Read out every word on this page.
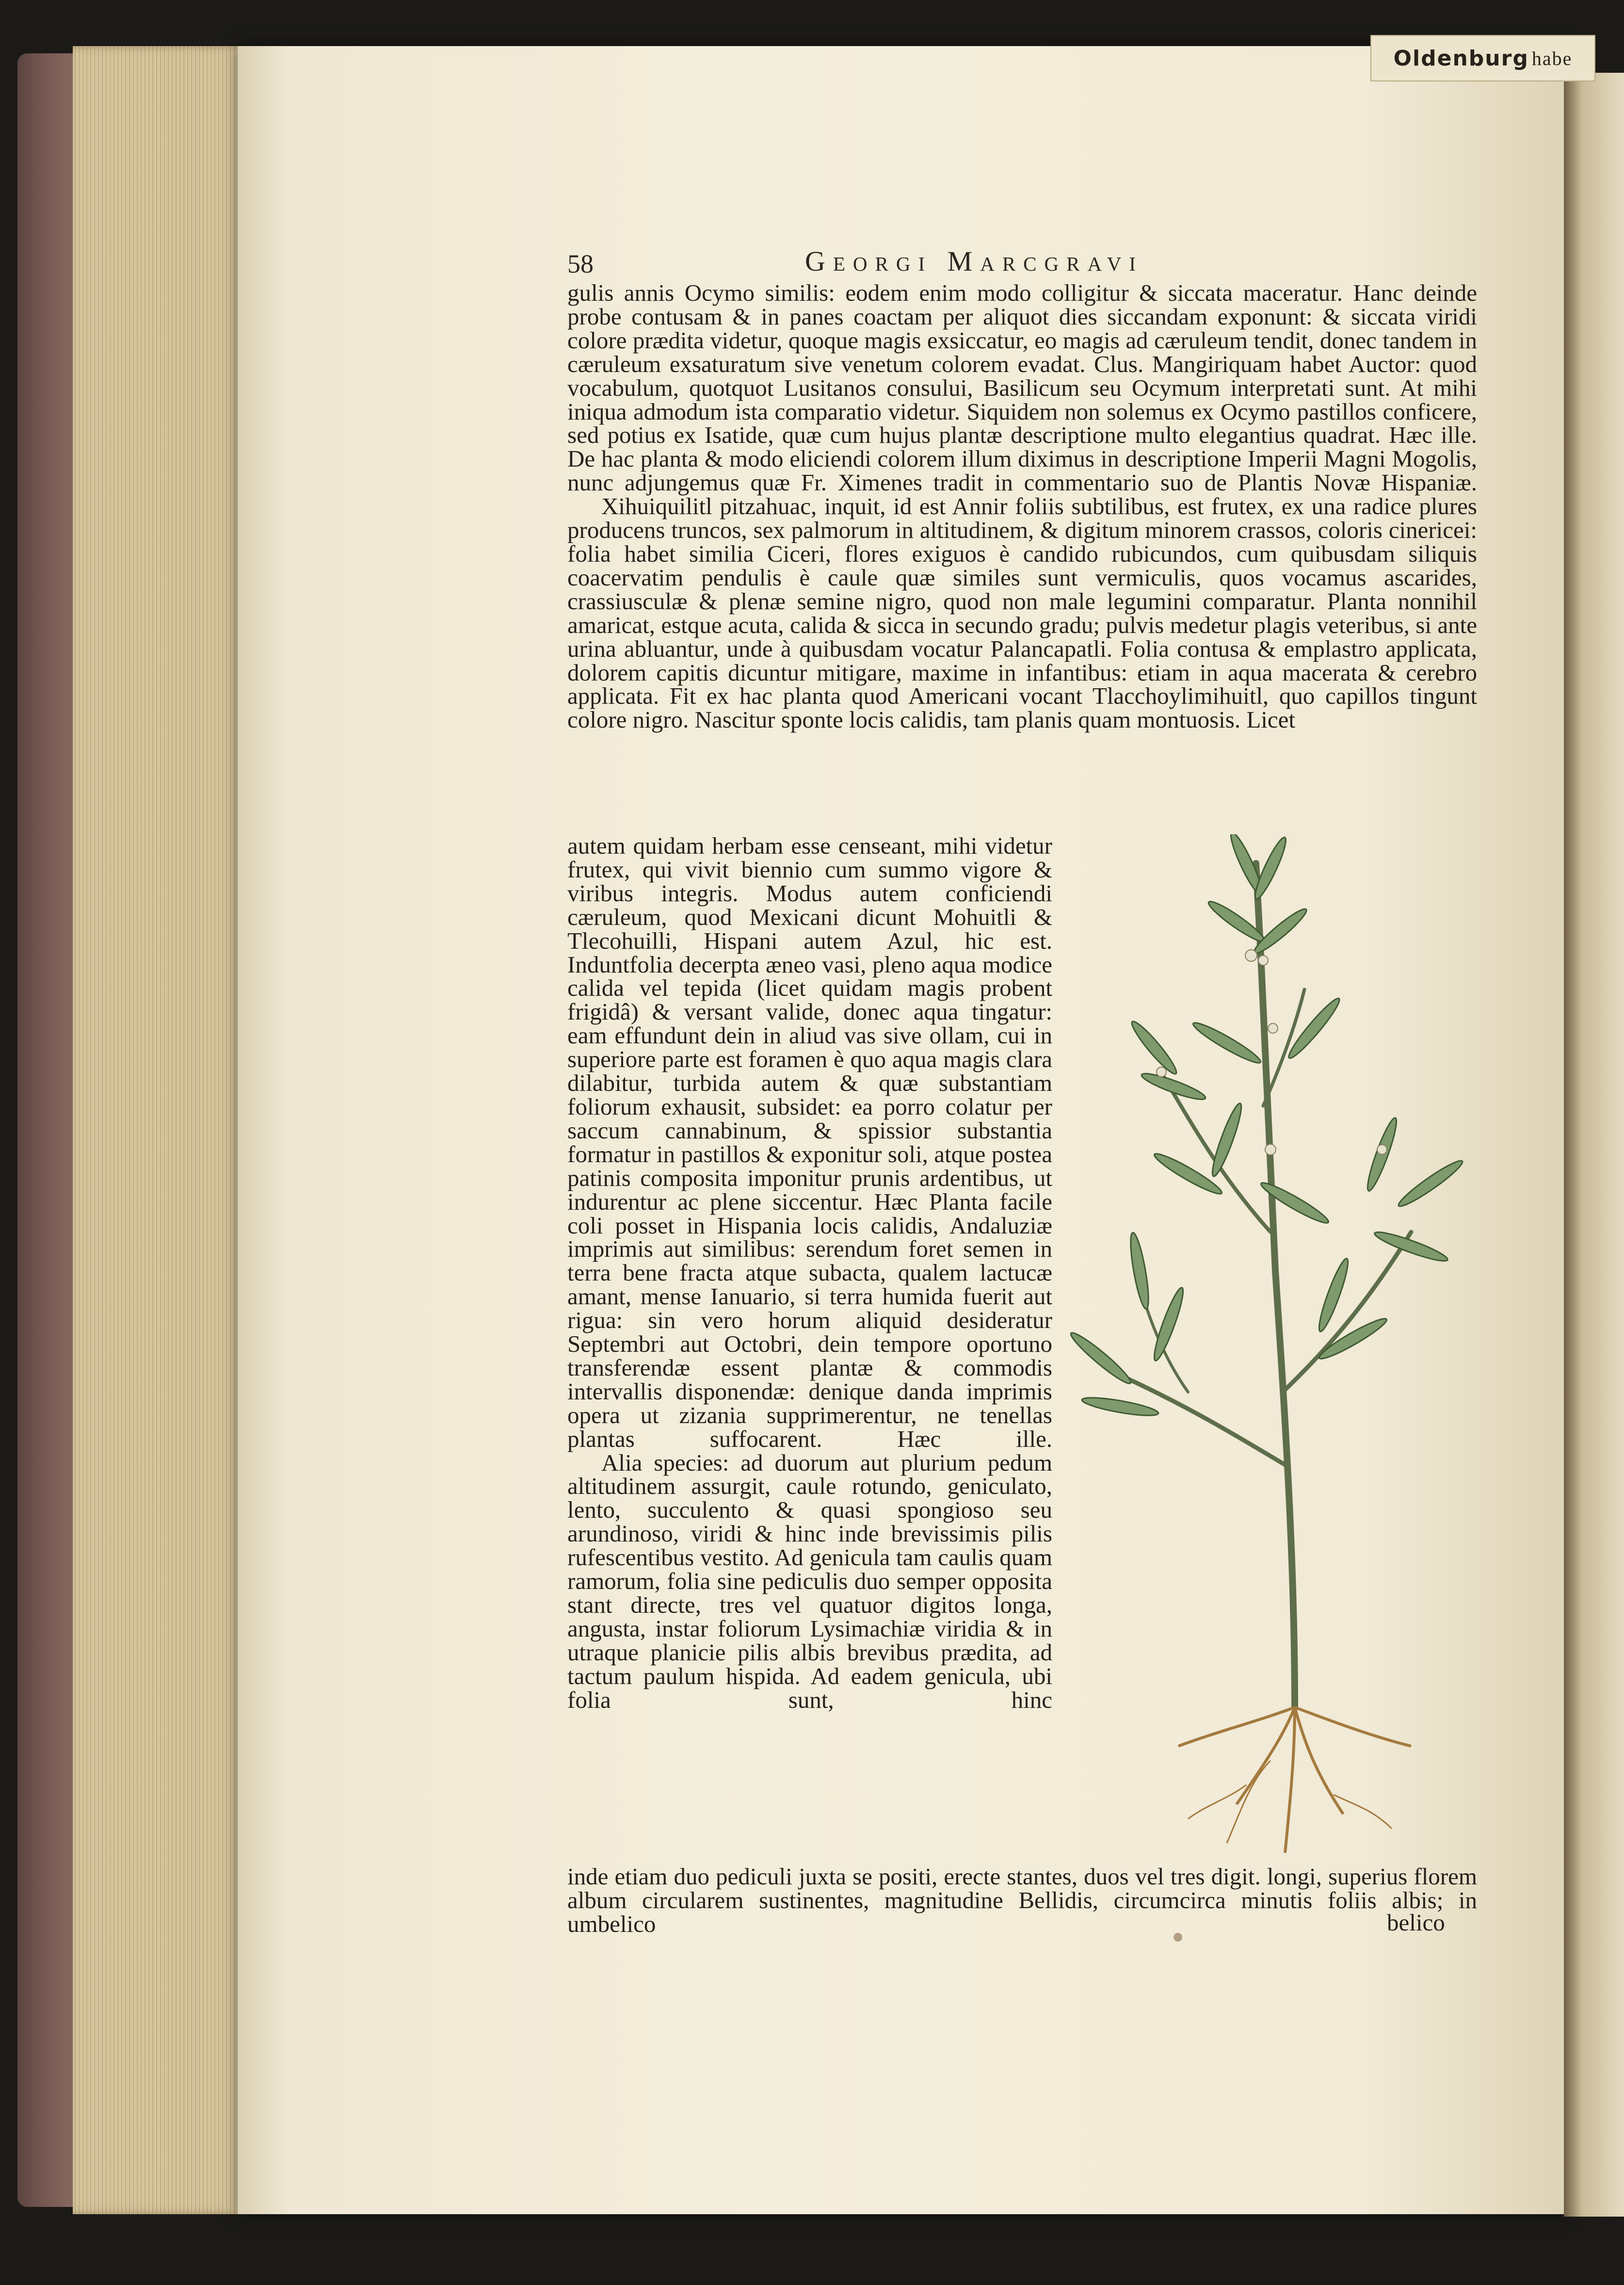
Oldenburg habe
58	Georgi Marcgravi

gulis annis Ocymo similis: eodem enim modo colligitur & siccata maceratur. Hanc deinde probe contusam & in panes coactam per aliquot dies siccandam exponunt: & siccata viridi colore prædita videtur, quoque magis exsiccatur, eo magis ad cæruleum tendit, donec tandem in cæruleum exsaturatum sive venetum colorem evadat. Clus. Mangiriquam habet Auctor: quod vocabulum, quotquot Lusitanos consului, Basilicum seu Ocymum interpretati sunt. At mihi iniqua admodum ista comparatio videtur. Siquidem non solemus ex Ocymo pastillos conficere, sed potius ex Isatide, quæ cum hujus plantæ descriptione multo elegantius quadrat. Hæc ille. De hac planta & modo eliciendi colorem illum diximus in descriptione Imperii Magni Mogolis, nunc adjungemus quæ Fr. Ximenes tradit in commentario suo de Plantis Novæ Hispaniæ.

Xihuiquilitl pitzahuac, inquit, id est Annir foliis subtilibus, est frutex, ex una radice plures producens truncos, sex palmorum in altitudinem, & digitum minorem crassos, coloris cinericei: folia habet similia Ciceri, flores exiguos è candido rubicundos, cum quibusdam siliquis coacervatim pendulis è caule quæ similes sunt vermiculis, quos vocamus ascarides, crassiusculæ & plenæ semine nigro, quod non male legumini comparatur. Planta nonnihil amaricat, estque acuta, calida & sicca in secundo gradu; pulvis medetur plagis veteribus, si ante urina abluantur, unde à quibusdam vocatur Palancapatli. Folia contusa & emplastro applicata, dolorem capitis dicuntur mitigare, maxime in infantibus: etiam in aqua macerata & cerebro applicata. Fit ex hac planta quod Americani vocant Tlacchoylimihuitl, quo capillos tingunt colore nigro. Nascitur sponte locis calidis, tam planis quam montuosis. Licet

autem quidam herbam esse censeant, mihi videtur frutex, qui vivit biennio cum summo vigore & viribus integris. Modus autem conficiendi cæruleum, quod Mexicani dicunt Mohuitli & Tlecohuilli, Hispani autem Azul, hic est. Induntfolia decerpta æneo vasi, pleno aqua modice calida vel tepida (licet quidam magis probent frigidâ) & versant valide, donec aqua tingatur: eam effundunt dein in aliud vas sive ollam, cui in superiore parte est foramen è quo aqua magis clara dilabitur, turbida autem & quæ substantiam foliorum exhausit, subsidet: ea porro colatur per saccum cannabinum, & spissior substantia formatur in pastillos & exponitur soli, atque postea patinis composita imponitur prunis ardentibus, ut indurentur ac plene siccentur. Hæc Planta facile coli posset in Hispania locis calidis, Andaluziæ imprimis aut similibus: serendum foret semen in terra bene fracta atque subacta, qualem lactucæ amant, mense Ianuario, si terra humida fuerit aut rigua: sin vero horum aliquid desideratur Septembri aut Octobri, dein tempore oportuno transferendæ essent plantæ & commodis intervallis disponendæ: denique danda imprimis opera ut zizania supprimerentur, ne tenellas plantas suffocarent. Hæc ille.

Alia species: ad duorum aut plurium pedum altitudinem assurgit, caule rotundo, geniculato, lento, succulento & quasi spongioso seu arundinoso, viridi & hinc inde brevissimis pilis rufescentibus vestito. Ad genicula tam caulis quam ramorum, folia sine pediculis duo semper opposita stant directe, tres vel quatuor digitos longa, angusta, instar foliorum Lysimachiæ viridia & in utraque planicie pilis albis brevibus prædita, ad tactum paulum hispida. Ad eadem genicula, ubi folia sunt, hinc

inde etiam duo pediculi juxta se positi, erecte stantes, duos vel tres digit. longi, superius florem album circularem sustinentes, magnitudine Bellidis, circumcirca minutis foliis albis; in umbelico	belico
